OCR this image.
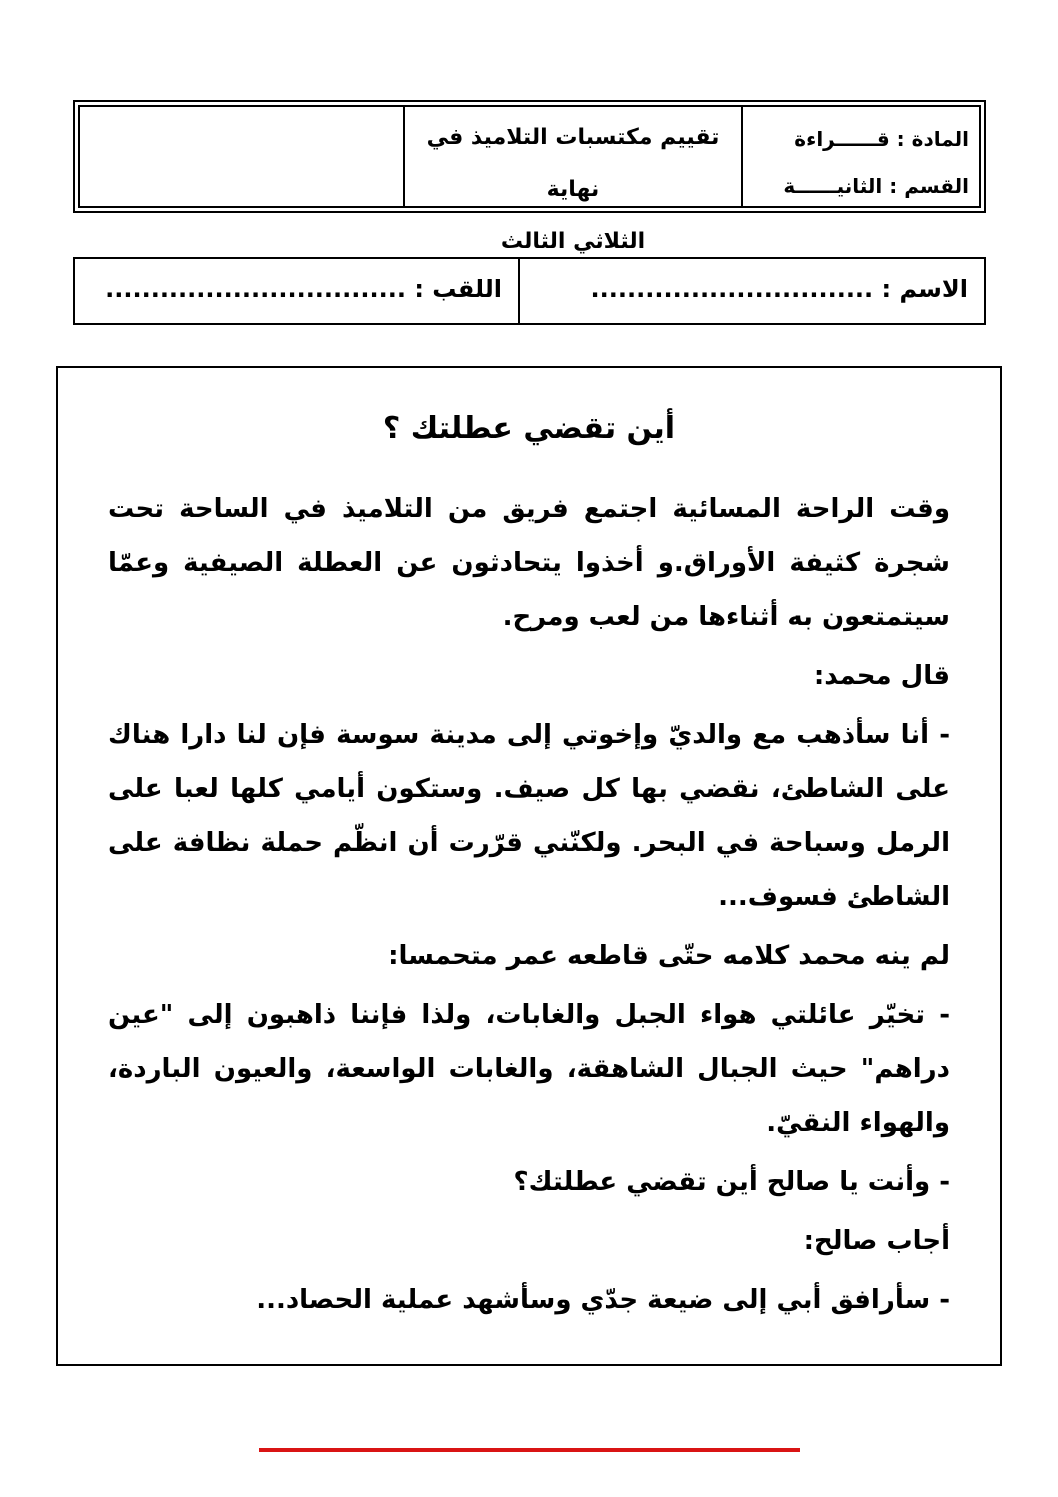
المادة : قــــــراءة
القسم : الثانيــــــة
تقييم مكتسبات التلاميذ في نهاية
الثلاثي الثالث
الاسم : ...............................
اللقب : .................................
أين تقضي عطلتك ؟

وقت الراحة المسائية اجتمع فريق من التلاميذ في الساحة تحت شجرة كثيفة الأوراق.و أخذوا يتحادثون عن العطلة الصيفية وعمّا سيتمتعون به أثناءها من لعب ومرح.

قال محمد:

- أنا سأذهب مع والديّ وإخوتي إلى مدينة سوسة فإن لنا دارا هناك على الشاطئ، نقضي بها كل صيف. وستكون أيامي كلها لعبا على الرمل وسباحة في البحر. ولكنّني قرّرت أن انظّم حملة نظافة على الشاطئ فسوف...

لم ينه محمد كلامه حتّى قاطعه عمر متحمسا:

- تخيّر عائلتي هواء الجبل والغابات، ولذا فإننا ذاهبون إلى "عين دراهم" حيث الجبال الشاهقة، والغابات الواسعة، والعيون الباردة، والهواء النقيّ.

- وأنت يا صالح أين تقضي عطلتك؟

أجاب صالح:

- سأرافق أبي إلى ضيعة جدّي وسأشهد عملية الحصاد...
